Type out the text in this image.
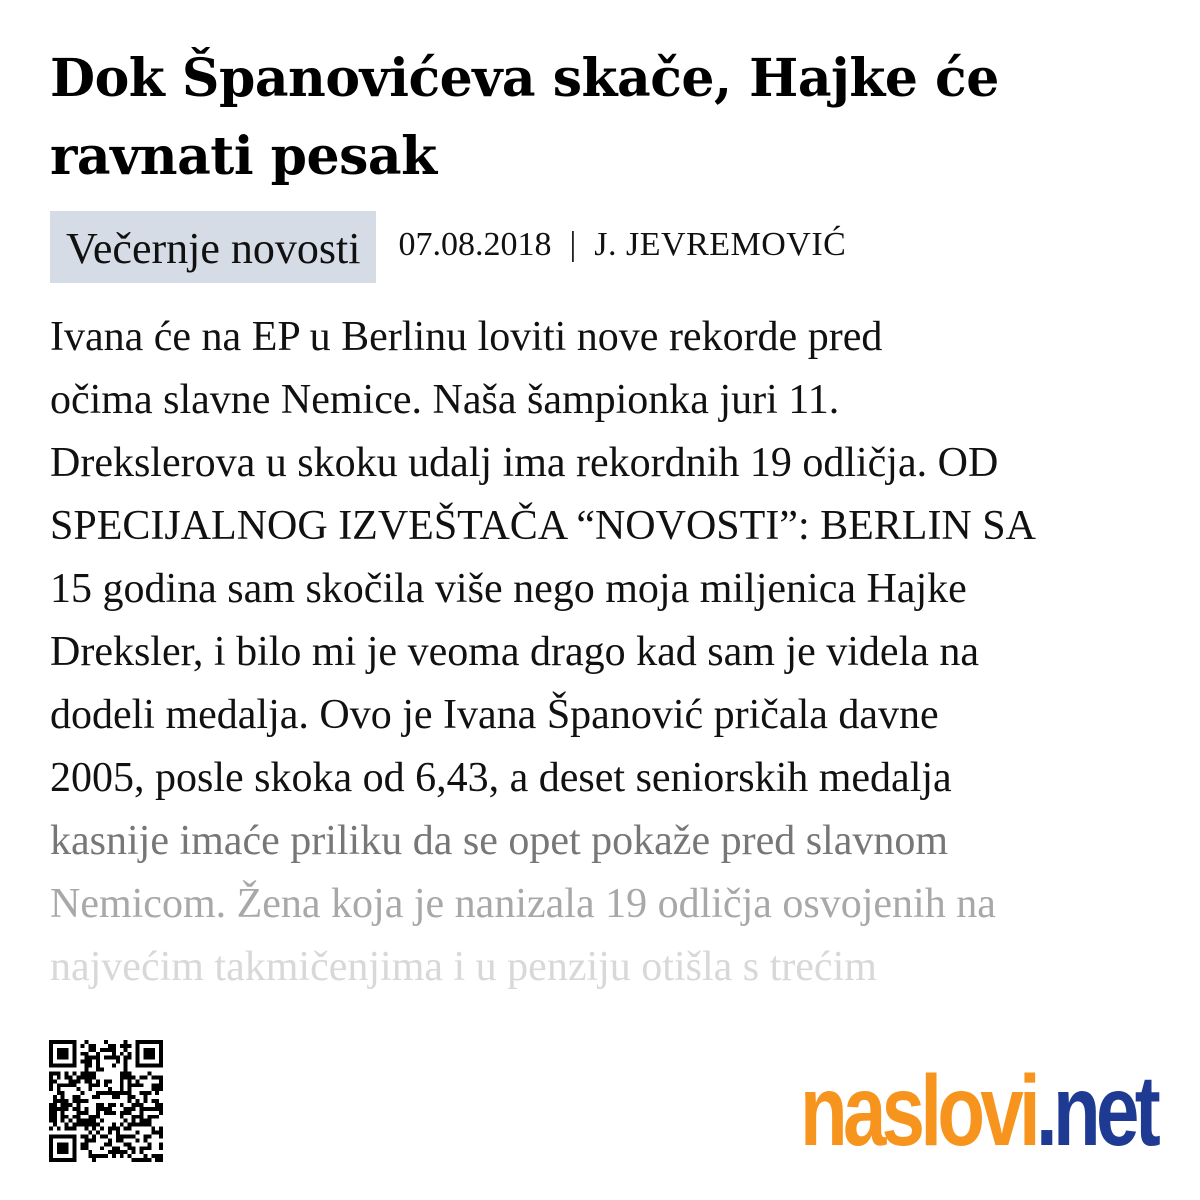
Dok Španovićeva skače, Hajke će ravnati pesak
Večernje novosti	07.08.2018 | J. JEVREMOVIĆ
Ivana će na EP u Berlinu loviti nove rekorde pred
očima slavne Nemice. Naša šampionka juri 11.
Drekslerova u skoku udalj ima rekordnih 19 odličja. OD
SPECIJALNOG IZVEŠTAČA “NOVOSTI”: BERLIN SA
15 godina sam skočila više nego moja miljenica Hajke
Dreksler, i bilo mi je veoma drago kad sam je videla na
dodeli medalja. Ovo je Ivana Španović pričala davne
2005, posle skoka od 6,43, a deset seniorskih medalja
kasnije imaće priliku da se opet pokaže pred slavnom
Nemicom. Žena koja je nanizala 19 odličja osvojenih na
najvećim takmičenjima i u penziju otišla s trećim
naslovi.net
